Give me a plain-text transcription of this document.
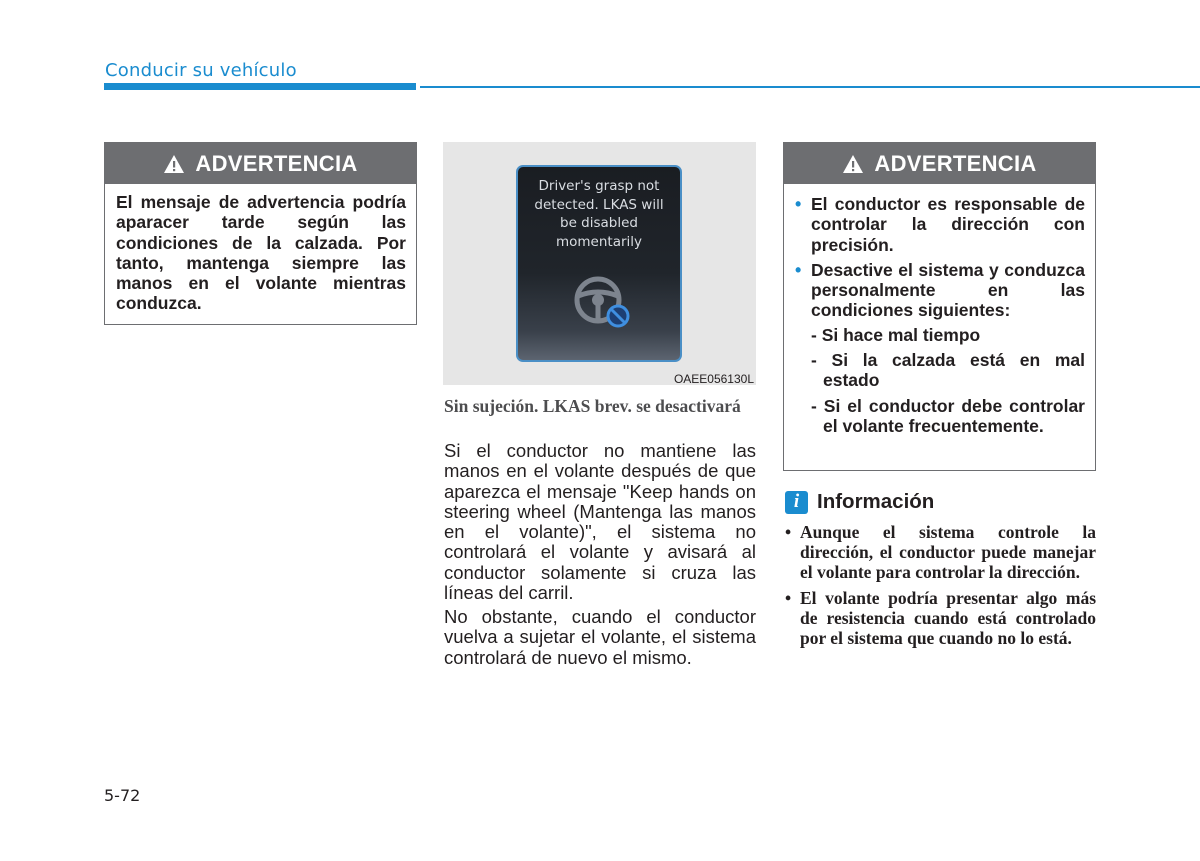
Conducir su vehículo
ADVERTENCIA
El mensaje de advertencia podría aparacer tarde según las condiciones de la calzada. Por tanto, mantenga siempre las manos en el volante mientras conduzca.
Driver's grasp not detected. LKAS will be disabled momentarily
OAEE056130L
Sin sujeción. LKAS brev. se desactivará
Si el conductor no mantiene las manos en el volante después de que aparezca el mensaje "Keep hands on steering wheel (Mantenga las manos en el volante)", el sistema no controlará el volante y avisará al conductor solamente si cruza las líneas del carril.
No obstante, cuando el conductor vuelva a sujetar el volante, el sistema controlará de nuevo el mismo.
ADVERTENCIA
• El conductor es responsable de controlar la dirección con precisión.
• Desactive el sistema y conduzca personalmente en las condiciones siguientes:
- Si hace mal tiempo
- Si la calzada está en mal estado
- Si el conductor debe controlar el volante frecuentemente.
i Información
• Aunque el sistema controle la dirección, el conductor puede manejar el volante para controlar la dirección.
• El volante podría presentar algo más de resistencia cuando está controlado por el sistema que cuando no lo está.
5-72
